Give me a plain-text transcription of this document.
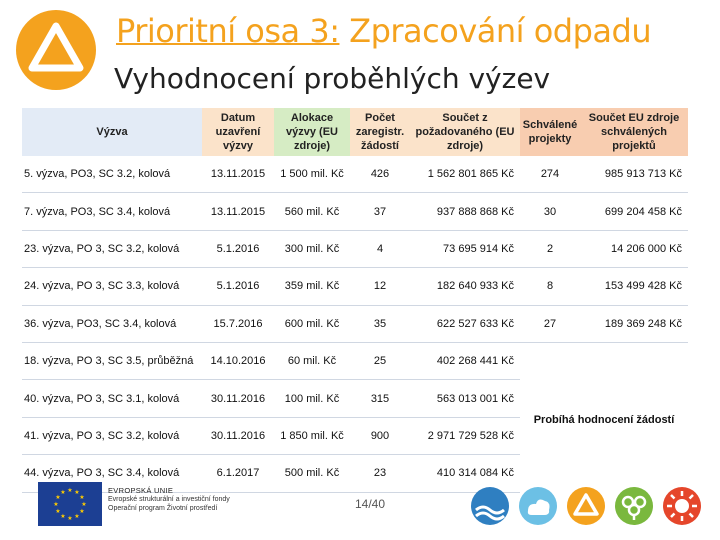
Prioritní osa 3: Zpracování odpadu
Vyhodnocení proběhlých výzev
Výzva	Datum uzavření výzvy	Alokace výzvy (EU zdroje)	Počet zaregistr. žádostí	Součet z požadovaného (EU zdroje)	Schválené projekty	Součet EU zdroje schválených projektů
5. výzva, PO3, SC 3.2, kolová	13.11.2015	1 500 mil. Kč	426	1 562 801 865 Kč	274	985 913 713 Kč
7. výzva, PO3, SC 3.4, kolová	13.11.2015	560 mil. Kč	37	937 888 868 Kč	30	699 204 458 Kč
23. výzva, PO 3, SC 3.2, kolová	5.1.2016	300 mil. Kč	4	73 695 914 Kč	2	14 206 000 Kč
24. výzva, PO 3, SC 3.3, kolová	5.1.2016	359 mil. Kč	12	182 640 933 Kč	8	153 499 428 Kč
36. výzva, PO3, SC 3.4, kolová	15.7.2016	600 mil. Kč	35	622 527 633 Kč	27	189 369 248 Kč
18. výzva, PO 3, SC 3.5, průběžná	14.10.2016	60 mil. Kč	25	402 268 441 Kč	Probíhá hodnocení žádostí	
40. výzva, PO 3, SC 3.1, kolová	30.11.2016	100 mil. Kč	315	563 013 001 Kč		
41. výzva, PO 3, SC 3.2, kolová	30.11.2016	1 850 mil. Kč	900	2 971 729 528 Kč		
44. výzva, PO 3, SC 3.4, kolová	6.1.2017	500 mil. Kč	23	410 314 084 Kč		
★ ★
★
★
★
★
★
★
★
★
★
★	EVROPSKÁ UNIE
Evropské strukturální a investiční fondy
Operační program Životní prostředí	14/40
